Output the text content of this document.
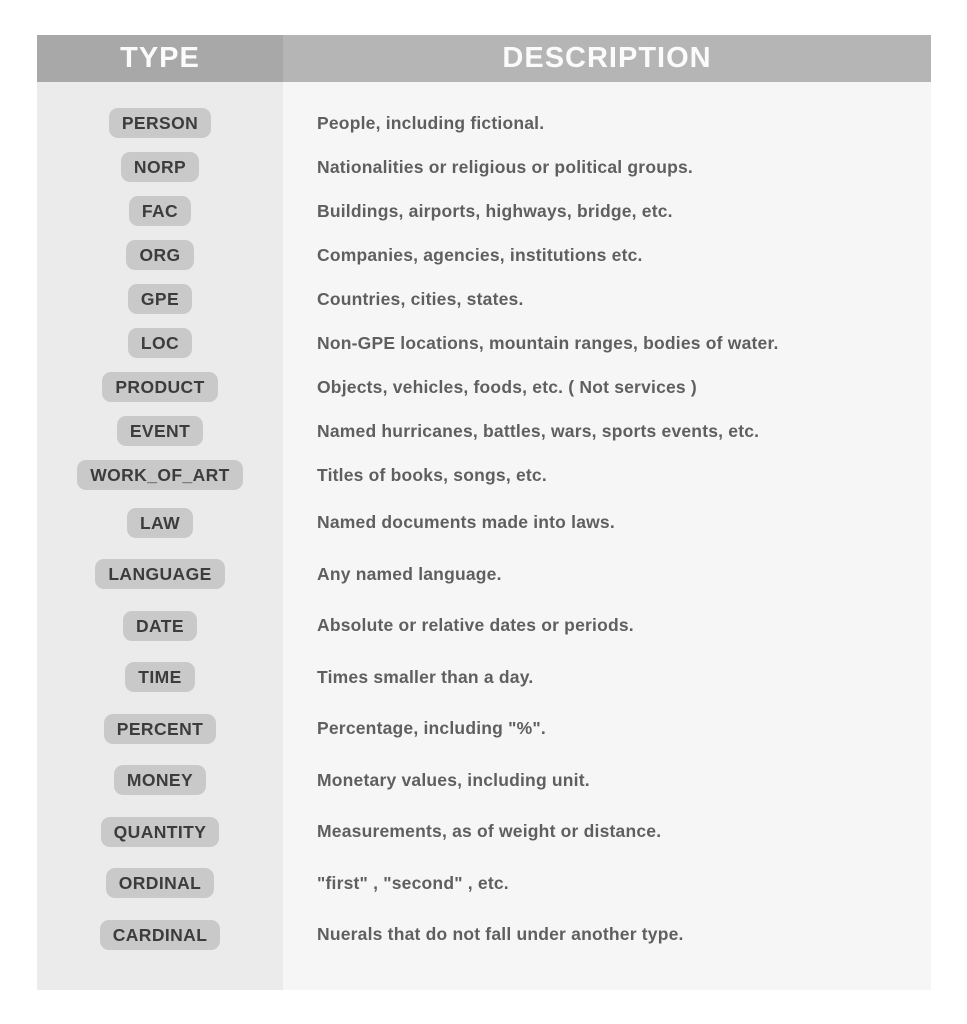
TYPE	DESCRIPTION
PERSON	People, including fictional.
NORP	Nationalities or religious or political groups.
FAC	Buildings, airports, highways, bridge, etc.
ORG	Companies, agencies, institutions etc.
GPE	Countries, cities, states.
LOC	Non-GPE locations, mountain ranges, bodies of water.
PRODUCT	Objects, vehicles, foods, etc. ( Not services )
EVENT	Named hurricanes, battles, wars, sports events, etc.
WORK_OF_ART	Titles of books, songs, etc.
LAW	Named documents made into laws.
LANGUAGE	Any named language.
DATE	Absolute or relative dates or periods.
TIME	Times smaller than a day.
PERCENT	Percentage, including "%".
MONEY	Monetary values, including unit.
QUANTITY	Measurements, as of weight or distance.
ORDINAL	"first" , "second" , etc.
CARDINAL	Nuerals that do not fall under another type.
